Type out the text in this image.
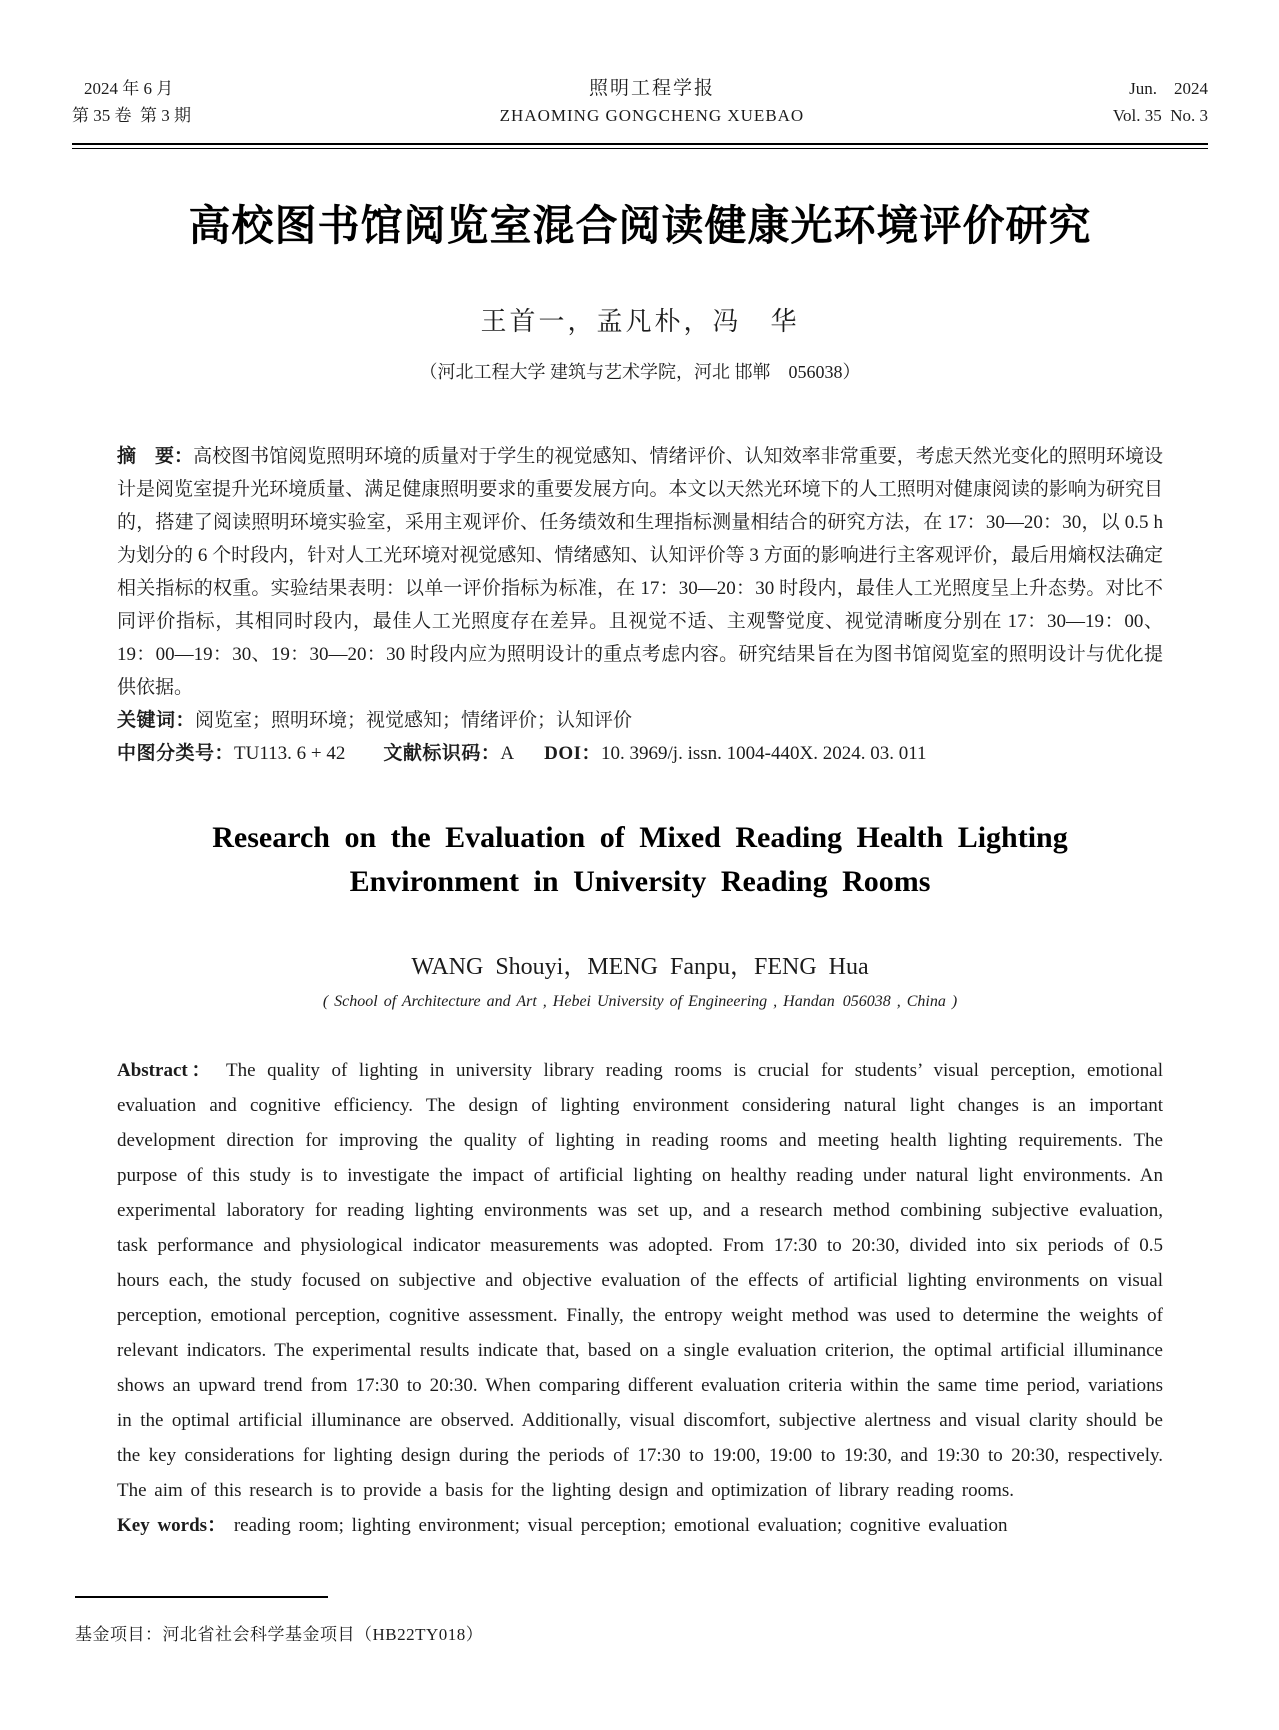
2024 年 6 月
第 35 卷 第 3 期
照明工程学报
ZHAOMING GONGCHENG XUEBAO
Jun. 2024
Vol. 35 No. 3
高校图书馆阅览室混合阅读健康光环境评价研究

王首一，孟凡朴，冯　华

（河北工程大学 建筑与艺术学院，河北 邯郸　056038）

摘　要：高校图书馆阅览照明环境的质量对于学生的视觉感知、情绪评价、认知效率非常重要，考虑天然光变化的照明环境设计是阅览室提升光环境质量、满足健康照明要求的重要发展方向。本文以天然光环境下的人工照明对健康阅读的影响为研究目的，搭建了阅读照明环境实验室，采用主观评价、任务绩效和生理指标测量相结合的研究方法，在 17：30—20：30，以 0.5 h 为划分的 6 个时段内，针对人工光环境对视觉感知、情绪感知、认知评价等 3 方面的影响进行主客观评价，最后用熵权法确定相关指标的权重。实验结果表明：以单一评价指标为标准，在 17：30—20：30 时段内，最佳人工光照度呈上升态势。对比不同评价指标，其相同时段内，最佳人工光照度存在差异。且视觉不适、主观警觉度、视觉清晰度分别在 17：30—19：00、19：00—19：30、19：30—20：30 时段内应为照明设计的重点考虑内容。研究结果旨在为图书馆阅览室的照明设计与优化提供依据。

关键词：阅览室；照明环境；视觉感知；情绪评价；认知评价

中图分类号：TU113. 6 + 42 文献标识码：A DOI：10. 3969/j. issn. 1004-440X. 2024. 03. 011

Research on the Evaluation of Mixed Reading Health Lighting
Environment in University Reading Rooms

WANG Shouyi，MENG Fanpu，FENG Hua

( School of Architecture and Art , Hebei University of Engineering , Handan 056038 , China )

Abstract： The quality of lighting in university library reading rooms is crucial for students’ visual perception, emotional evaluation and cognitive efficiency. The design of lighting environment considering natural light changes is an important development direction for improving the quality of lighting in reading rooms and meeting health lighting requirements. The purpose of this study is to investigate the impact of artificial lighting on healthy reading under natural light environments. An experimental laboratory for reading lighting environments was set up, and a research method combining subjective evaluation, task performance and physiological indicator measurements was adopted. From 17:30 to 20:30, divided into six periods of 0.5 hours each, the study focused on subjective and objective evaluation of the effects of artificial lighting environments on visual perception, emotional perception, cognitive assessment. Finally, the entropy weight method was used to determine the weights of relevant indicators. The experimental results indicate that, based on a single evaluation criterion, the optimal artificial illuminance shows an upward trend from 17:30 to 20:30. When comparing different evaluation criteria within the same time period, variations in the optimal artificial illuminance are observed. Additionally, visual discomfort, subjective alertness and visual clarity should be the key considerations for lighting design during the periods of 17:30 to 19:00, 19:00 to 19:30, and 19:30 to 20:30, respectively. The aim of this research is to provide a basis for the lighting design and optimization of library reading rooms.

Key words： reading room; lighting environment; visual perception; emotional evaluation; cognitive evaluation

基金项目：河北省社会科学基金项目（HB22TY018）
